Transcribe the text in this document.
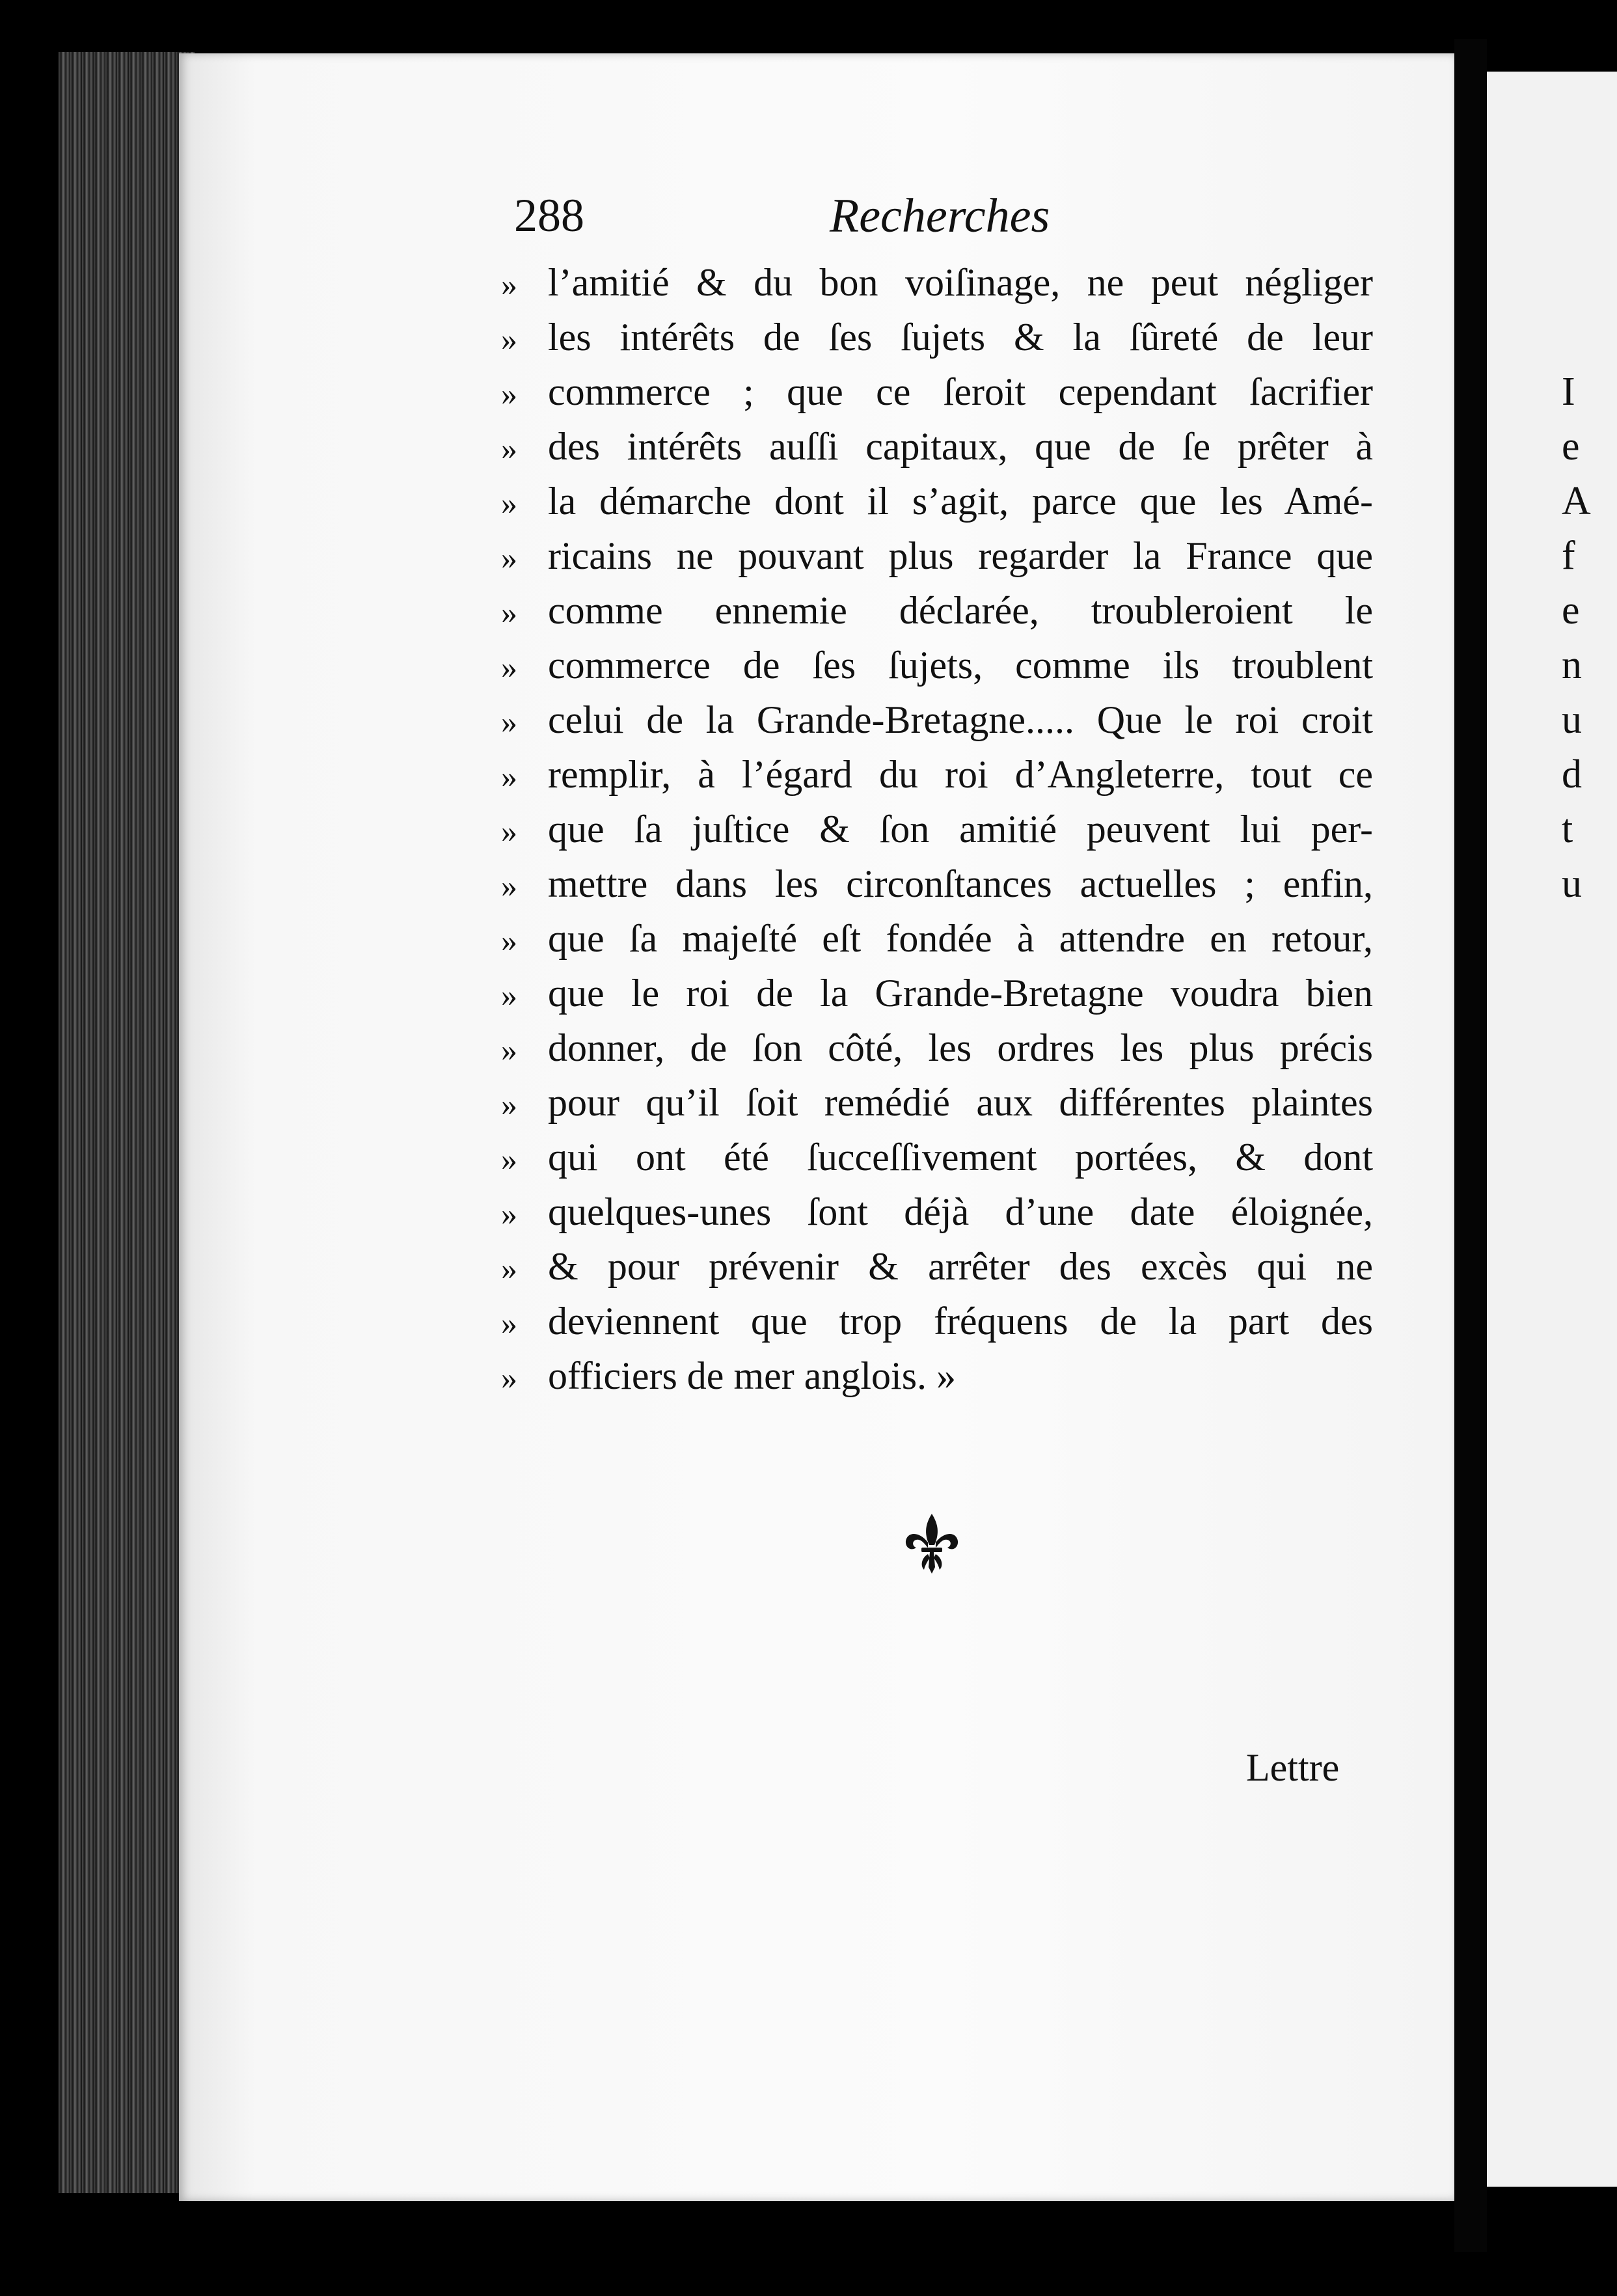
I
e
A
f
e
n
u
d
t
u
288	Recherches
» l’amitié & du bon voiſinage, ne peut négliger
» les intérêts de ſes ſujets & la ſûreté de leur
» commerce ; que ce ſeroit cependant ſacrifier
» des intérêts auſſi capitaux, que de ſe prêter à
» la démarche dont il s’agit, parce que les Amé-
» ricains ne pouvant plus regarder la France que
» comme ennemie déclarée, troubleroient le
» commerce de ſes ſujets, comme ils troublent
» celui de la Grande-Bretagne..... Que le roi croit
» remplir, à l’égard du roi d’Angleterre, tout ce
» que ſa juſtice & ſon amitié peuvent lui per-
» mettre dans les circonſtances actuelles ; enfin,
» que ſa majeſté eſt fondée à attendre en retour,
» que le roi de la Grande-Bretagne voudra bien
» donner, de ſon côté, les ordres les plus précis
» pour qu’il ſoit remédié aux différentes plaintes
» qui ont été ſucceſſivement portées, & dont
» quelques-unes ſont déjà d’une date éloignée,
» & pour prévenir & arrêter des excès qui ne
» deviennent que trop fréquens de la part des
» officiers de mer anglois. »
Lettre
